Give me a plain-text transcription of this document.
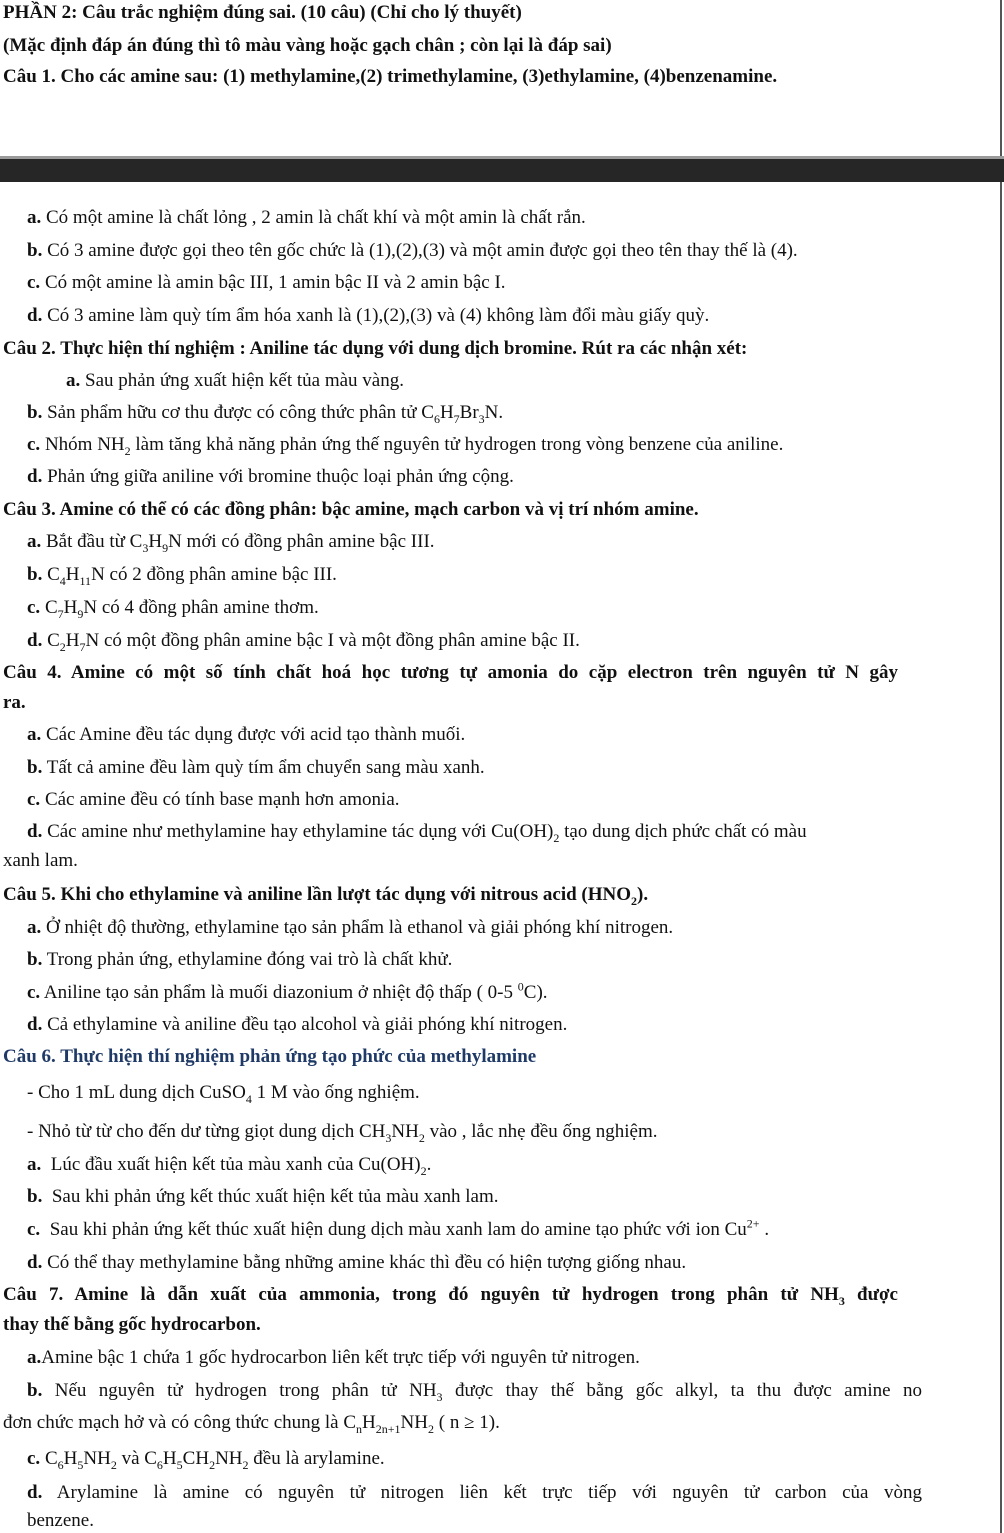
PHẦN 2: Câu trắc nghiệm đúng sai. (10 câu) (Chỉ cho lý thuyết)
(Mặc định đáp án đúng thì tô màu vàng hoặc gạch chân ; còn lại là đáp sai)
Câu 1. Cho các amine sau: (1) methylamine,(2) trimethylamine, (3)ethylamine, (4)benzenamine.
a. Có một amine là chất lỏng , 2 amin là chất khí và một amin là chất rắn.
b. Có 3 amine được gọi theo tên gốc chức là (1),(2),(3) và một amin được gọi theo tên thay thế là (4).
c. Có một amine là amin bậc III, 1 amin bậc II và 2 amin bậc I.
d. Có 3 amine làm quỳ tím ẩm hóa xanh là (1),(2),(3) và (4) không làm đổi màu giấy quỳ.
Câu 2. Thực hiện thí nghiệm : Aniline tác dụng với dung dịch bromine. Rút ra các nhận xét:
a. Sau phản ứng xuất hiện kết tủa màu vàng.
b. Sản phẩm hữu cơ thu được có công thức phân tử $C_6H_7Br_3N$.
c. Nhóm $NH_2$ làm tăng khả năng phản ứng thế nguyên tử hydrogen trong vòng benzene của aniline.
d. Phản ứng giữa aniline với bromine thuộc loại phản ứng cộng.
Câu 3. Amine có thể có các đồng phân: bậc amine, mạch carbon và vị trí nhóm amine.
a. Bắt đầu từ $C_3H_9N$ mới có đồng phân amine bậc III.
b. $C_4H_{11}N$ có 2 đồng phân amine bậc III.
c. $C_7H_9N$ có 4 đồng phân amine thơm.
d. $C_2H_7N$ có một đồng phân amine bậc I và một đồng phân amine bậc II.
Câu 4. Amine có một số tính chất hoá học tương tự amonia do cặp electron trên nguyên tử N gây
ra.
a. Các Amine đều tác dụng được với acid tạo thành muối.
b. Tất cả amine đều làm quỳ tím ẩm chuyển sang màu xanh.
c. Các amine đều có tính base mạnh hơn amonia.
d. Các amine như methylamine hay ethylamine tác dụng với $Cu(OH)_2$ tạo dung dịch phức chất có màu
xanh lam.
Câu 5. Khi cho ethylamine và aniline lần lượt tác dụng với nitrous acid $(HNO_2)$.
a. Ở nhiệt độ thường, ethylamine tạo sản phẩm là ethanol và giải phóng khí nitrogen.
b. Trong phản ứng, ethylamine đóng vai trò là chất khử.
c. Aniline tạo sản phẩm là muối diazonium ở nhiệt độ thấp ( 0-5 $^0$C).
d. Cả ethylamine và aniline đều tạo alcohol và giải phóng khí nitrogen.
Câu 6. Thực hiện thí nghiệm phản ứng tạo phức của methylamine
- Cho 1 mL dung dịch CuSO$_4$ 1 M vào ống nghiệm.
- Nhỏ từ từ cho đến dư từng giọt dung dịch $CH_3NH_2$ vào , lắc nhẹ đều ống nghiệm.
a. Lúc đầu xuất hiện kết tủa màu xanh của $Cu(OH)_2$.
b. Sau khi phản ứng kết thúc xuất hiện kết tủa màu xanh lam.
c. Sau khi phản ứng kết thúc xuất hiện dung dịch màu xanh lam do amine tạo phức với ion $Cu^{2+}$ .
d. Có thể thay methylamine bằng những amine khác thì đều có hiện tượng giống nhau.
Câu 7. Amine là dẫn xuất của ammonia, trong đó nguyên tử hydrogen trong phân tử $NH_3$ được
thay thế bằng gốc hydrocarbon.
a.Amine bậc 1 chứa 1 gốc hydrocarbon liên kết trực tiếp với nguyên tử nitrogen.
b. Nếu nguyên tử hydrogen trong phân tử $NH_3$ được thay thế bằng gốc alkyl, ta thu được amine no
đơn chức mạch hở và có công thức chung là $C_nH_{2n+1}NH_2$ ( n ≥ 1).
c. $C_6H_5NH_2$ và $C_6H_5CH_2NH_2$ đều là arylamine.
d. Arylamine là amine có nguyên tử nitrogen liên kết trực tiếp với nguyên tử carbon của vòng
benzene.
